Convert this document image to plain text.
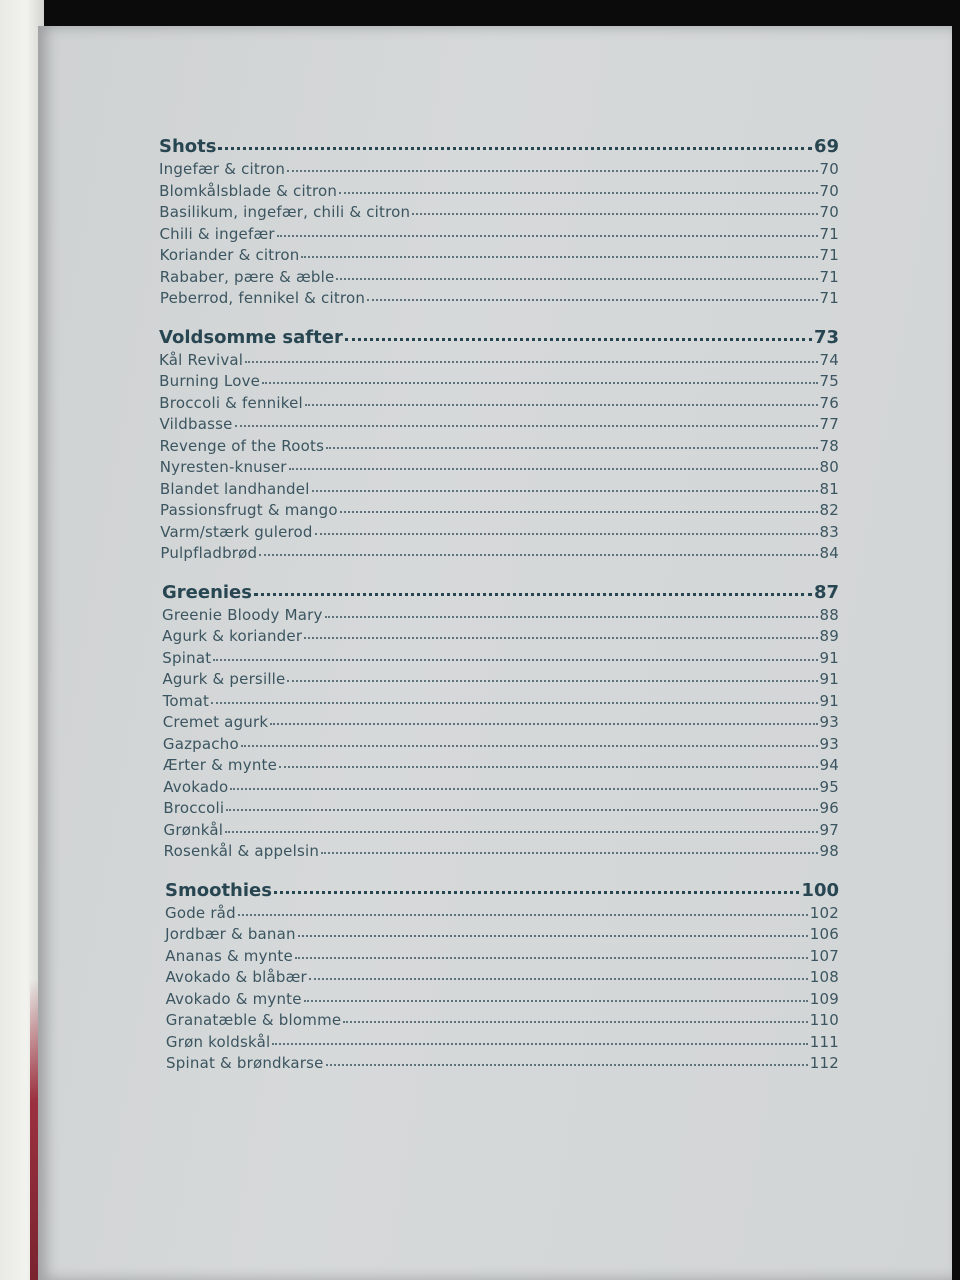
Shots	69
Ingefær & citron	70
Blomkålsblade & citron	70
Basilikum, ingefær, chili & citron	70
Chili & ingefær	71
Koriander & citron	71
Rababer, pære & æble	71
Peberrod, fennikel & citron	71
Voldsomme safter	73
Kål Revival	74
Burning Love	75
Broccoli & fennikel	76
Vildbasse	77
Revenge of the Roots	78
Nyresten-knuser	80
Blandet landhandel	81
Passionsfrugt & mango	82
Varm/stærk gulerod	83
Pulpfladbrød	84
Greenies	87
Greenie Bloody Mary	88
Agurk & koriander	89
Spinat	91
Agurk & persille	91
Tomat	91
Cremet agurk	93
Gazpacho	93
Ærter & mynte	94
Avokado	95
Broccoli	96
Grønkål	97
Rosenkål & appelsin	98
Smoothies	100
Gode råd	102
Jordbær & banan	106
Ananas & mynte	107
Avokado & blåbær	108
Avokado & mynte	109
Granatæble & blomme	110
Grøn koldskål	111
Spinat & brøndkarse	112
